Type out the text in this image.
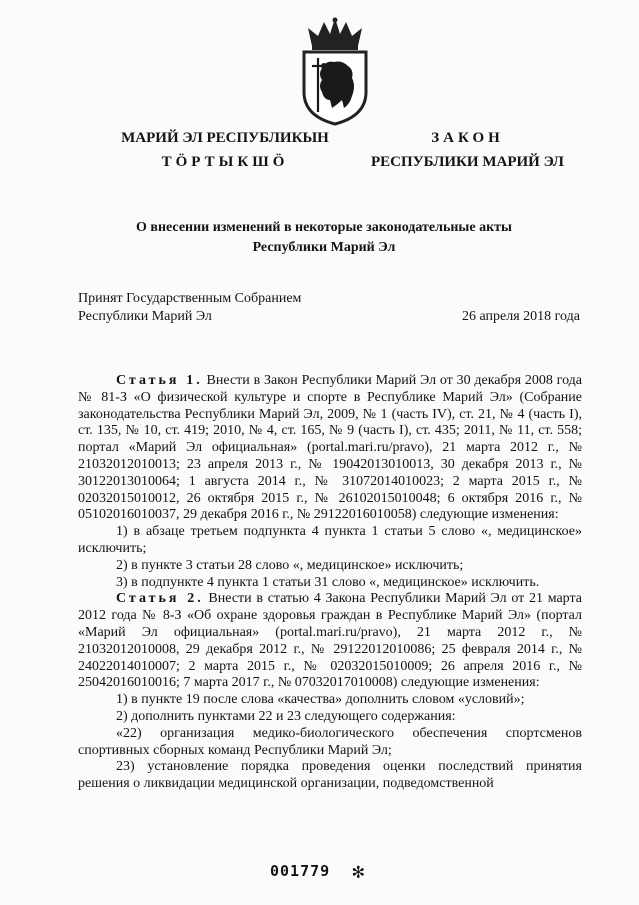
МАРИЙ ЭЛ РЕСПУБЛИКЫН
ТӦРТЫКШӦ
ЗАКОН
РЕСПУБЛИКИ МАРИЙ ЭЛ
О внесении изменений в некоторые законодательные акты
Республики Марий Эл
Принят Государственным Собранием
Республики Марий Эл	26 апреля 2018 года

Статья 1. Внести в Закон Республики Марий Эл от 30 декабря 2008 года № 81-З «О физической культуре и спорте в Республике Марий Эл» (Собрание законодательства Республики Марий Эл, 2009, № 1 (часть IV), ст. 21, № 4 (часть I), ст. 135, № 10, ст. 419; 2010, № 4, ст. 165, № 9 (часть I), ст. 435; 2011, № 11, ст. 558; портал «Марий Эл официальная» (portal.mari.ru/pravo), 21 марта 2012 г., № 21032012010013; 23 апреля 2013 г., № 19042013010013, 30 декабря 2013 г., № 30122013010064; 1 августа 2014 г., № 31072014010023; 2 марта 2015 г., № 02032015010012, 26 октября 2015 г., № 26102015010048; 6 октября 2016 г., № 05102016010037, 29 декабря 2016 г., № 29122016010058) следующие изменения:

1) в абзаце третьем подпункта 4 пункта 1 статьи 5 слово «, медицинское» исключить;

2) в пункте 3 статьи 28 слово «, медицинское» исключить;

3) в подпункте 4 пункта 1 статьи 31 слово «, медицинское» исключить.

Статья 2. Внести в статью 4 Закона Республики Марий Эл от 21 марта 2012 года № 8-З «Об охране здоровья граждан в Республике Марий Эл» (портал «Марий Эл официальная» (portal.mari.ru/pravo), 21 марта 2012 г., № 21032012010008, 29 декабря 2012 г., № 29122012010086; 25 февраля 2014 г., № 24022014010007; 2 марта 2015 г., № 02032015010009; 26 апреля 2016 г., № 25042016010016; 7 марта 2017 г., № 07032017010008) следующие изменения:

1) в пункте 19 после слова «качества» дополнить словом «условий»;

2) дополнить пунктами 22 и 23 следующего содержания:

«22) организация медико-биологического обеспечения спортсменов спортивных сборных команд Республики Марий Эл;

23) установление порядка проведения оценки последствий принятия решения о ликвидации медицинской организации, подведомственной

001779 ✻
